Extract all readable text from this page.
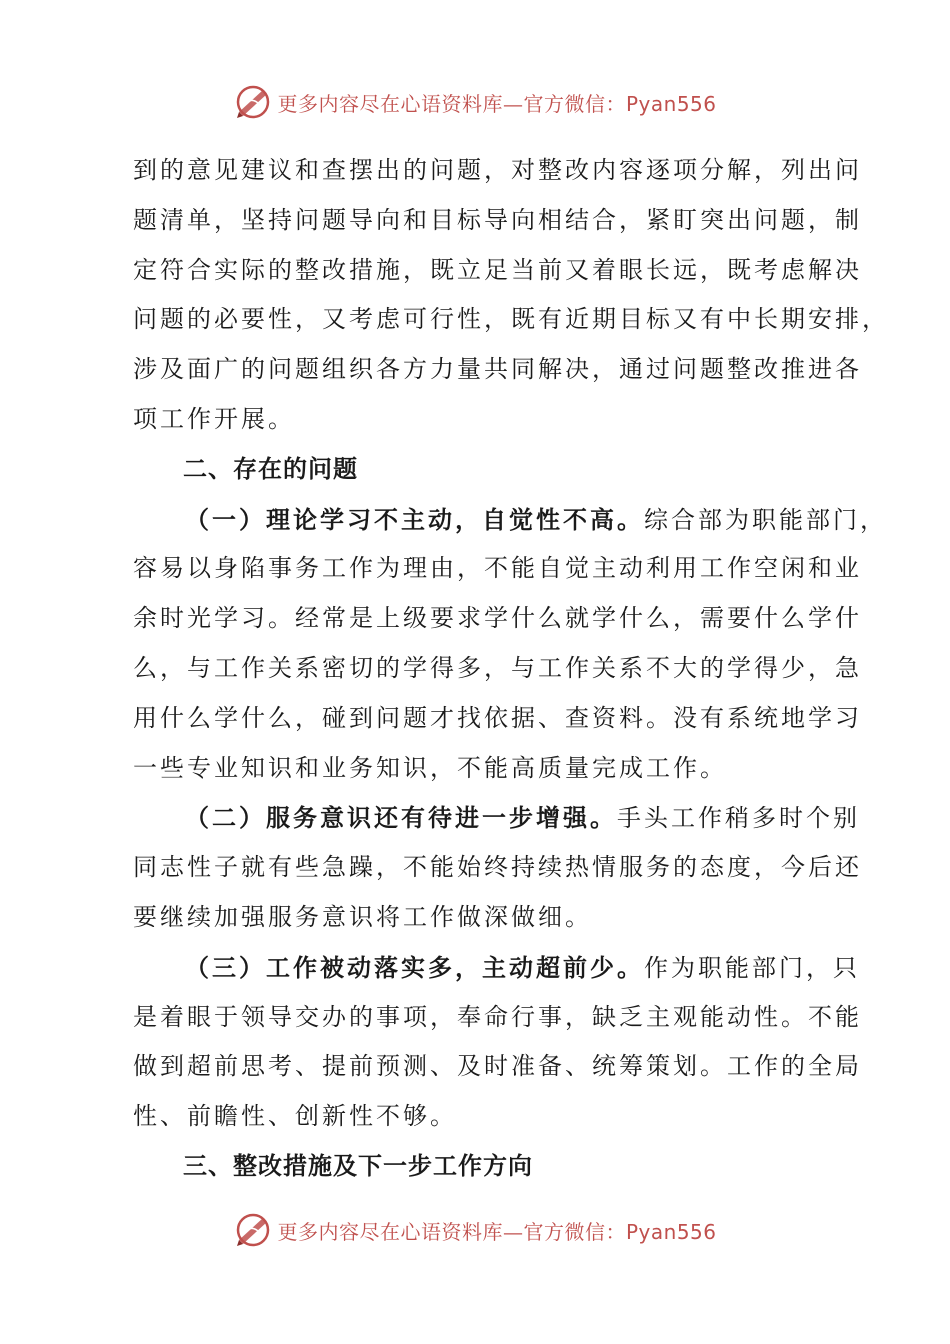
更多内容尽在心语资料库—官方微信：Pyan556
到的意见建议和查摆出的问题，对整改内容逐项分解，列出问
题清单，坚持问题导向和目标导向相结合，紧盯突出问题，制
定符合实际的整改措施，既立足当前又着眼长远，既考虑解决
问题的必要性，又考虑可行性，既有近期目标又有中长期安排，
涉及面广的问题组织各方力量共同解决，通过问题整改推进各
项工作开展。
二、存在的问题
（一）理论学习不主动，自觉性不高。综合部为职能部门，
容易以身陷事务工作为理由，不能自觉主动利用工作空闲和业
余时光学习。经常是上级要求学什么就学什么，需要什么学什
么，与工作关系密切的学得多，与工作关系不大的学得少，急
用什么学什么，碰到问题才找依据、查资料。没有系统地学习
一些专业知识和业务知识，不能高质量完成工作。
（二）服务意识还有待进一步增强。手头工作稍多时个别
同志性子就有些急躁，不能始终持续热情服务的态度，今后还
要继续加强服务意识将工作做深做细。
（三）工作被动落实多，主动超前少。作为职能部门，只
是着眼于领导交办的事项，奉命行事，缺乏主观能动性。不能
做到超前思考、提前预测、及时准备、统筹策划。工作的全局
性、前瞻性、创新性不够。
三、整改措施及下一步工作方向
更多内容尽在心语资料库—官方微信：Pyan556
